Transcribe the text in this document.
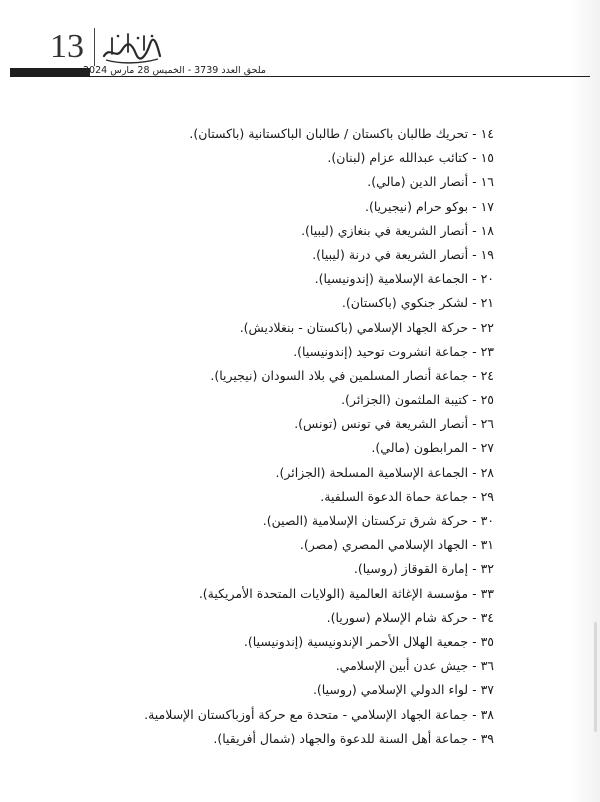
13
ملحق العدد 3739 - الخميس 28 مارس 2024
١٤ - تحريك طالبان باكستان / طالبان الباكستانية (باكستان).
١٥ - كتائب عبدالله عزام (لبنان).
١٦ - أنصار الدين (مالي).
١٧ - بوكو حرام (نيجيريا).
١٨ - أنصار الشريعة في بنغازي (ليبيا).
١٩ - أنصار الشريعة في درنة (ليبيا).
٢٠ - الجماعة الإسلامية (إندونيسيا).
٢١ - لشكر جنكوي (باكستان).
٢٢ - حركة الجهاد الإسلامي (باكستان - بنغلاديش).
٢٣ - جماعة انشروت توحيد (إندونيسيا).
٢٤ - جماعة أنصار المسلمين في بلاد السودان (نيجيريا).
٢٥ - كتيبة الملثمون (الجزائر).
٢٦ - أنصار الشريعة في تونس (تونس).
٢٧ - المرابطون (مالي).
٢٨ - الجماعة الإسلامية المسلحة (الجزائر).
٢٩ - جماعة حماة الدعوة السلفية.
٣٠ - حركة شرق تركستان الإسلامية (الصين).
٣١ - الجهاد الإسلامي المصري (مصر).
٣٢ - إمارة القوقاز (روسيا).
٣٣ - مؤسسة الإغاثة العالمية (الولايات المتحدة الأمريكية).
٣٤ - حركة شام الإسلام (سوريا).
٣٥ - جمعية الهلال الأحمر الإندونيسية (إندونيسيا).
٣٦ - جيش عدن أبين الإسلامي.
٣٧ - لواء الدولي الإسلامي (روسيا).
٣٨ - جماعة الجهاد الإسلامي - متحدة مع حركة أوزباكستان الإسلامية.
٣٩ - جماعة أهل السنة للدعوة والجهاد (شمال أفريقيا).
